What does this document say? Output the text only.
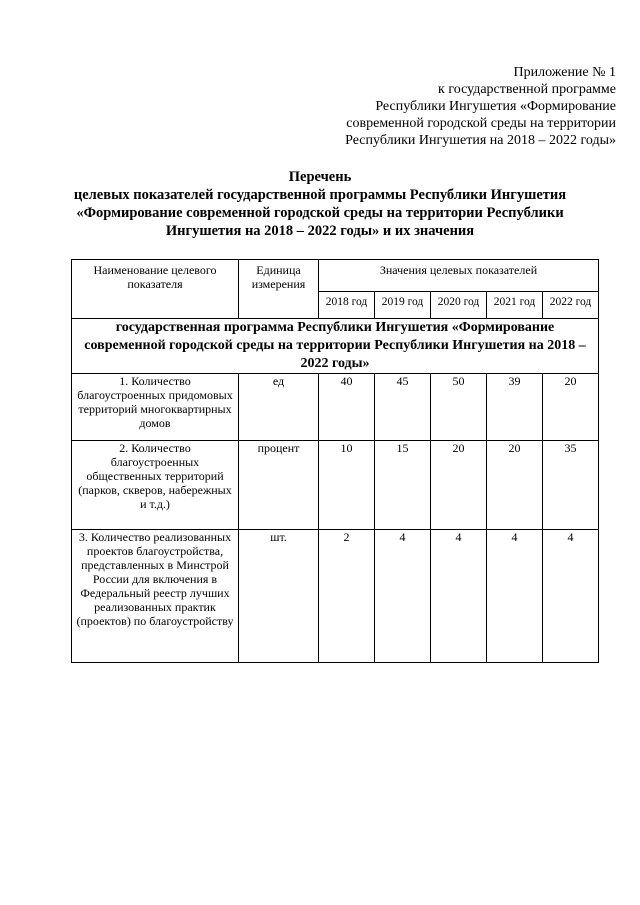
Приложение № 1
к государственной программе
Республики Ингушетия «Формирование
современной городской среды на территории
Республики Ингушетия на 2018 – 2022 годы»
Перечень
целевых показателей государственной программы Республики Ингушетия
«Формирование современной городской среды на территории Республики
Ингушетия на 2018 – 2022 годы» и их значения
Наименование целевого показателя	Единица измерения	Значения целевых показателей				
		2018 год	2019 год	2020 год	2021 год	2022 год
государственная программа Республики Ингушетия «Формирование современной городской среды на территории Республики Ингушетия на 2018 – 2022 годы»						
1. Количество благоустроенных придомовых территорий многоквартирных домов	ед	40	45	50	39	20
2. Количество благоустроенных общественных территорий (парков, скверов, набережных и т.д.)	процент	10	15	20	20	35
3. Количество реализованных проектов благоустройства, представленных в Минстрой России для включения в Федеральный реестр лучших реализованных практик (проектов) по благоустройству	шт.	2	4	4	4	4
